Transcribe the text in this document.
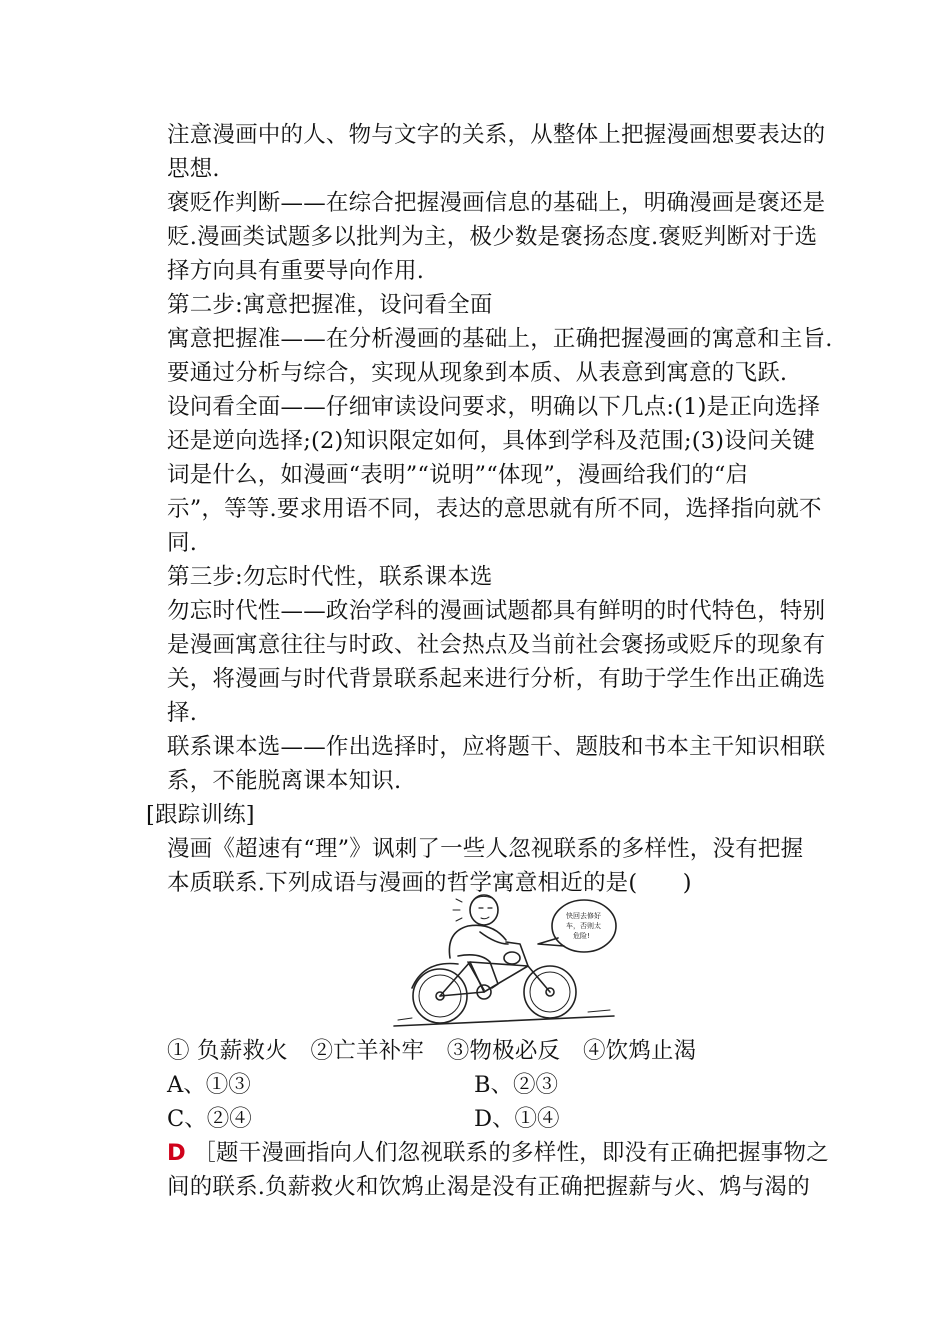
注意漫画中的人、物与文字的关系，从整体上把握漫画想要表达的
思想.
褒贬作判断——在综合把握漫画信息的基础上，明确漫画是褒还是
贬.漫画类试题多以批判为主，极少数是褒扬态度.褒贬判断对于选
择方向具有重要导向作用.
第二步:寓意把握准，设问看全面
寓意把握准——在分析漫画的基础上，正确把握漫画的寓意和主旨.
要通过分析与综合，实现从现象到本质、从表意到寓意的飞跃.
设问看全面——仔细审读设问要求，明确以下几点:(1)是正向选择
还是逆向选择;(2)知识限定如何，具体到学科及范围;(3)设问关键
词是什么，如漫画“表明”“说明”“体现”，漫画给我们的“启
示”，等等.要求用语不同，表达的意思就有所不同，选择指向就不
同.
第三步:勿忘时代性，联系课本选
勿忘时代性——政治学科的漫画试题都具有鲜明的时代特色，特别
是漫画寓意往往与时政、社会热点及当前社会褒扬或贬斥的现象有
关，将漫画与时代背景联系起来进行分析，有助于学生作出正确选
择.
联系课本选——作出选择时，应将题干、题肢和书本主干知识相联
系，不能脱离课本知识.
[跟踪训练]
漫画《超速有“理”》讽刺了一些人忽视联系的多样性，没有把握
本质联系.下列成语与漫画的哲学寓意相近的是(　　)
快回去修好
车，否则太
危险!
① 负薪救火　②亡羊补牢　③物极必反　④饮鸩止渴
A、①③	B、②③
C、②④	D、①④
D ［题干漫画指向人们忽视联系的多样性，即没有正确把握事物之
间的联系.负薪救火和饮鸩止渴是没有正确把握薪与火、鸩与渴的
